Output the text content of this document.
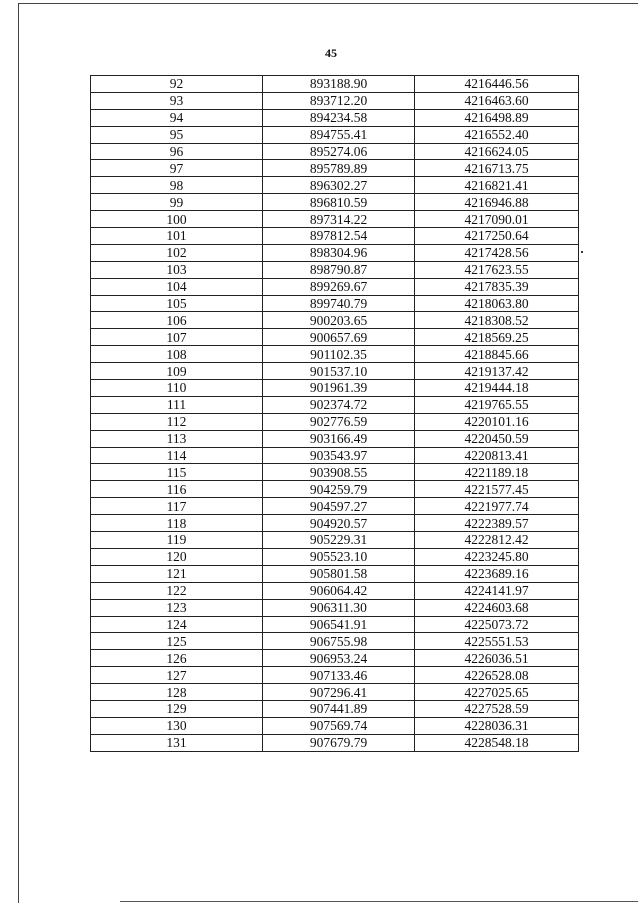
45
92	893188.90	4216446.56
93	893712.20	4216463.60
94	894234.58	4216498.89
95	894755.41	4216552.40
96	895274.06	4216624.05
97	895789.89	4216713.75
98	896302.27	4216821.41
99	896810.59	4216946.88
100	897314.22	4217090.01
101	897812.54	4217250.64
102	898304.96	4217428.56
103	898790.87	4217623.55
104	899269.67	4217835.39
105	899740.79	4218063.80
106	900203.65	4218308.52
107	900657.69	4218569.25
108	901102.35	4218845.66
109	901537.10	4219137.42
110	901961.39	4219444.18
111	902374.72	4219765.55
112	902776.59	4220101.16
113	903166.49	4220450.59
114	903543.97	4220813.41
115	903908.55	4221189.18
116	904259.79	4221577.45
117	904597.27	4221977.74
118	904920.57	4222389.57
119	905229.31	4222812.42
120	905523.10	4223245.80
121	905801.58	4223689.16
122	906064.42	4224141.97
123	906311.30	4224603.68
124	906541.91	4225073.72
125	906755.98	4225551.53
126	906953.24	4226036.51
127	907133.46	4226528.08
128	907296.41	4227025.65
129	907441.89	4227528.59
130	907569.74	4228036.31
131	907679.79	4228548.18
